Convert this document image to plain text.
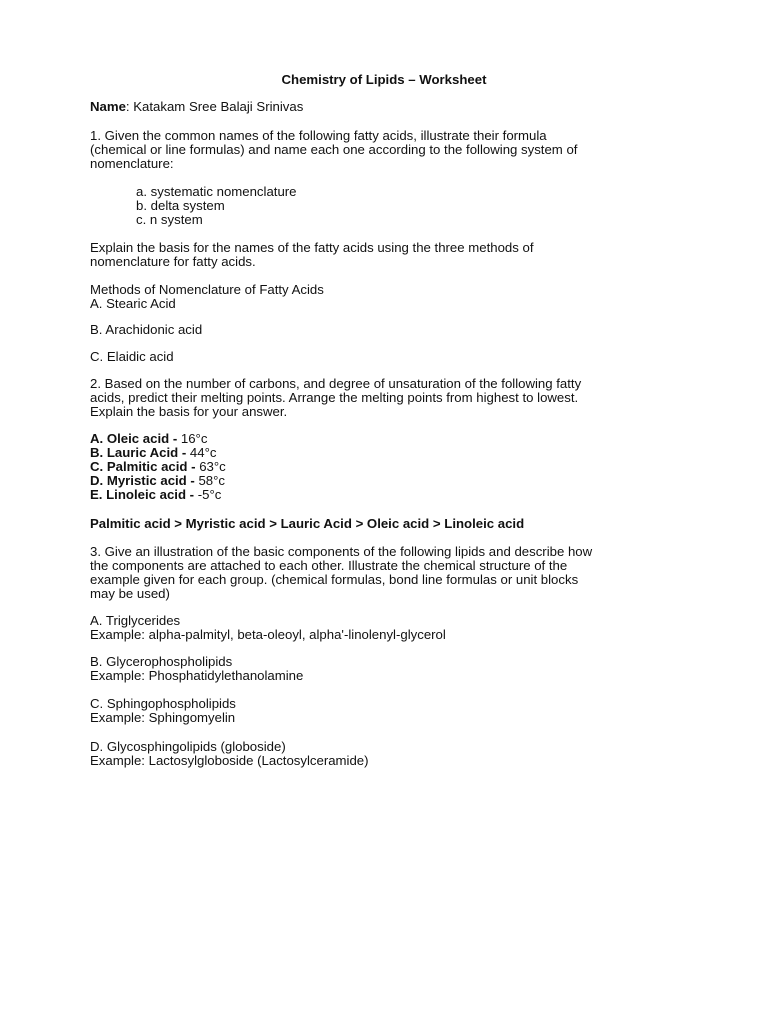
Chemistry of Lipids – Worksheet
Name: Katakam Sree Balaji Srinivas
1. Given the common names of the following fatty acids, illustrate their formula
(chemical or line formulas) and name each one according to the following system of
nomenclature:
a. systematic nomenclature
b. delta system
c. n system
Explain the basis for the names of the fatty acids using the three methods of
nomenclature for fatty acids.
Methods of Nomenclature of Fatty Acids
A. Stearic Acid
B. Arachidonic acid
C. Elaidic acid
2. Based on the number of carbons, and degree of unsaturation of the following fatty
acids, predict their melting points. Arrange the melting points from highest to lowest.
Explain the basis for your answer.
A. Oleic acid - 16°c
B. Lauric Acid - 44°c
C. Palmitic acid - 63°c
D. Myristic acid - 58°c
E. Linoleic acid - -5°c
Palmitic acid > Myristic acid > Lauric Acid > Oleic acid > Linoleic acid
3. Give an illustration of the basic components of the following lipids and describe how
the components are attached to each other. Illustrate the chemical structure of the
example given for each group. (chemical formulas, bond line formulas or unit blocks
may be used)
A. Triglycerides
Example: alpha-palmityl, beta-oleoyl, alpha'-linolenyl-glycerol
B. Glycerophospholipids
Example: Phosphatidylethanolamine
C. Sphingophospholipids
Example: Sphingomyelin
D. Glycosphingolipids (globoside)
Example: Lactosylgloboside (Lactosylceramide)
